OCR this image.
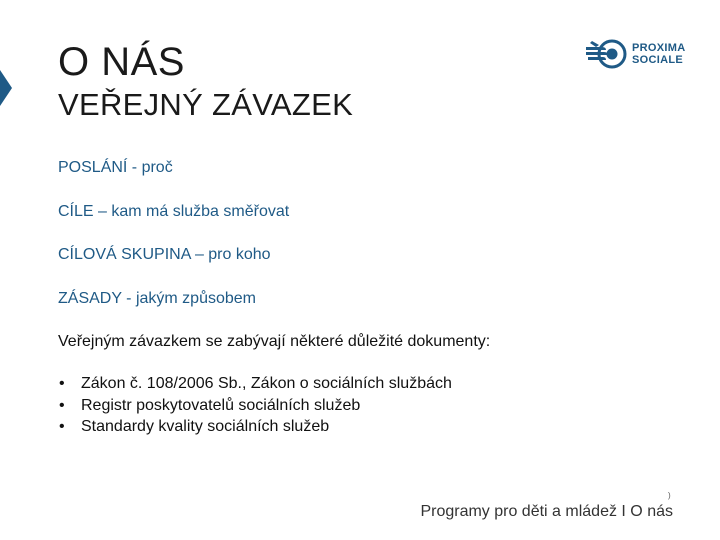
O NÁS
VEŘEJNÝ ZÁVAZEK
PROXIMA
SOCIALE
POSLÁNÍ - proč
CÍLE – kam má služba směřovat
CÍLOVÁ SKUPINA – pro koho
ZÁSADY - jakým způsobem
Veřejným závazkem se zabývají některé důležité dokumenty:
• Zákon č. 108/2006 Sb., Zákon o sociálních službách
• Registr poskytovatelů sociálních služeb
• Standardy kvality sociálních služeb
)
Programy pro děti a mládež I O nás
